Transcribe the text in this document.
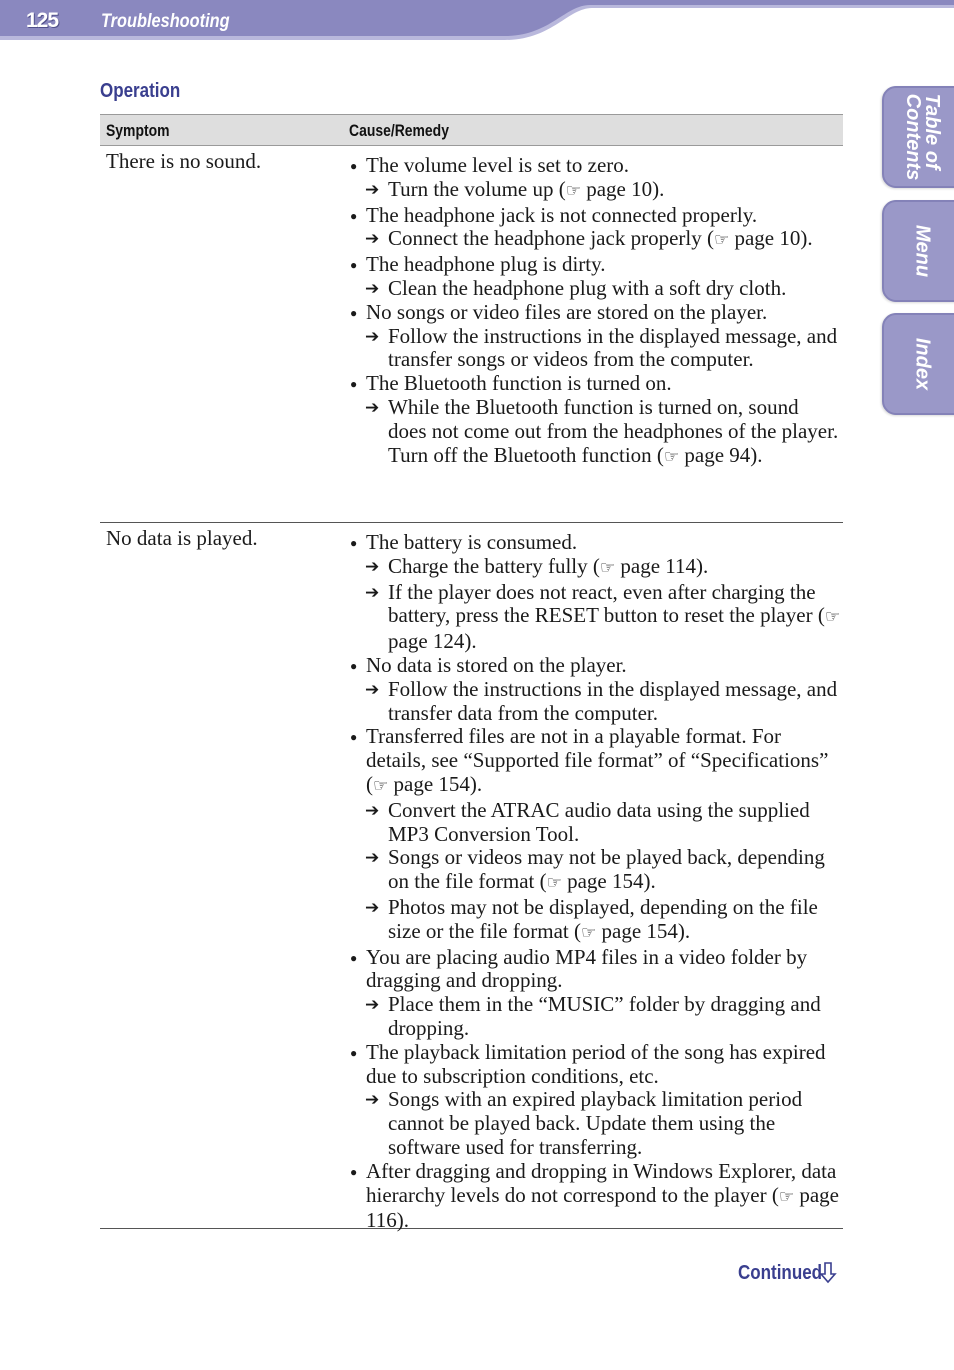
125 Troubleshooting
Table of
Contents
Menu
Index
Operation
Symptom	Cause/Remedy
There is no sound.	● The volume level is set to zero.
➔ Turn the volume up (☞ page 10).
● The headphone jack is not connected properly.
➔ Connect the headphone jack properly (☞ page 10).
● The headphone plug is dirty.
➔ Clean the headphone plug with a soft dry cloth.
● No songs or video files are stored on the player.
➔ Follow the instructions in the displayed message, and transfer songs or videos from the computer.
● The Bluetooth function is turned on.
➔ While the Bluetooth function is turned on, sound does not come out from the headphones of the player. Turn off the Bluetooth function (☞ page 94).
No data is played.	● The battery is consumed.
➔ Charge the battery fully (☞ page 114).
➔ If the player does not react, even after charging the battery, press the RESET button to reset the player (☞ page 124).
● No data is stored on the player.
➔ Follow the instructions in the displayed message, and transfer data from the computer.
● Transferred files are not in a playable format. For details, see “Supported file format” of “Specifications” (☞ page 154).
➔ Convert the ATRAC audio data using the supplied MP3 Conversion Tool.
➔ Songs or videos may not be played back, depending on the file format (☞ page 154).
➔ Photos may not be displayed, depending on the file size or the file format (☞ page 154).
● You are placing audio MP4 files in a video folder by dragging and dropping.
➔ Place them in the “MUSIC” folder by dragging and dropping.
● The playback limitation period of the song has expired due to subscription conditions, etc.
➔ Songs with an expired playback limitation period cannot be played back. Update them using the software used for transferring.
● After dragging and dropping in Windows Explorer, data hierarchy levels do not correspond to the player (☞ page 116).
Continued
